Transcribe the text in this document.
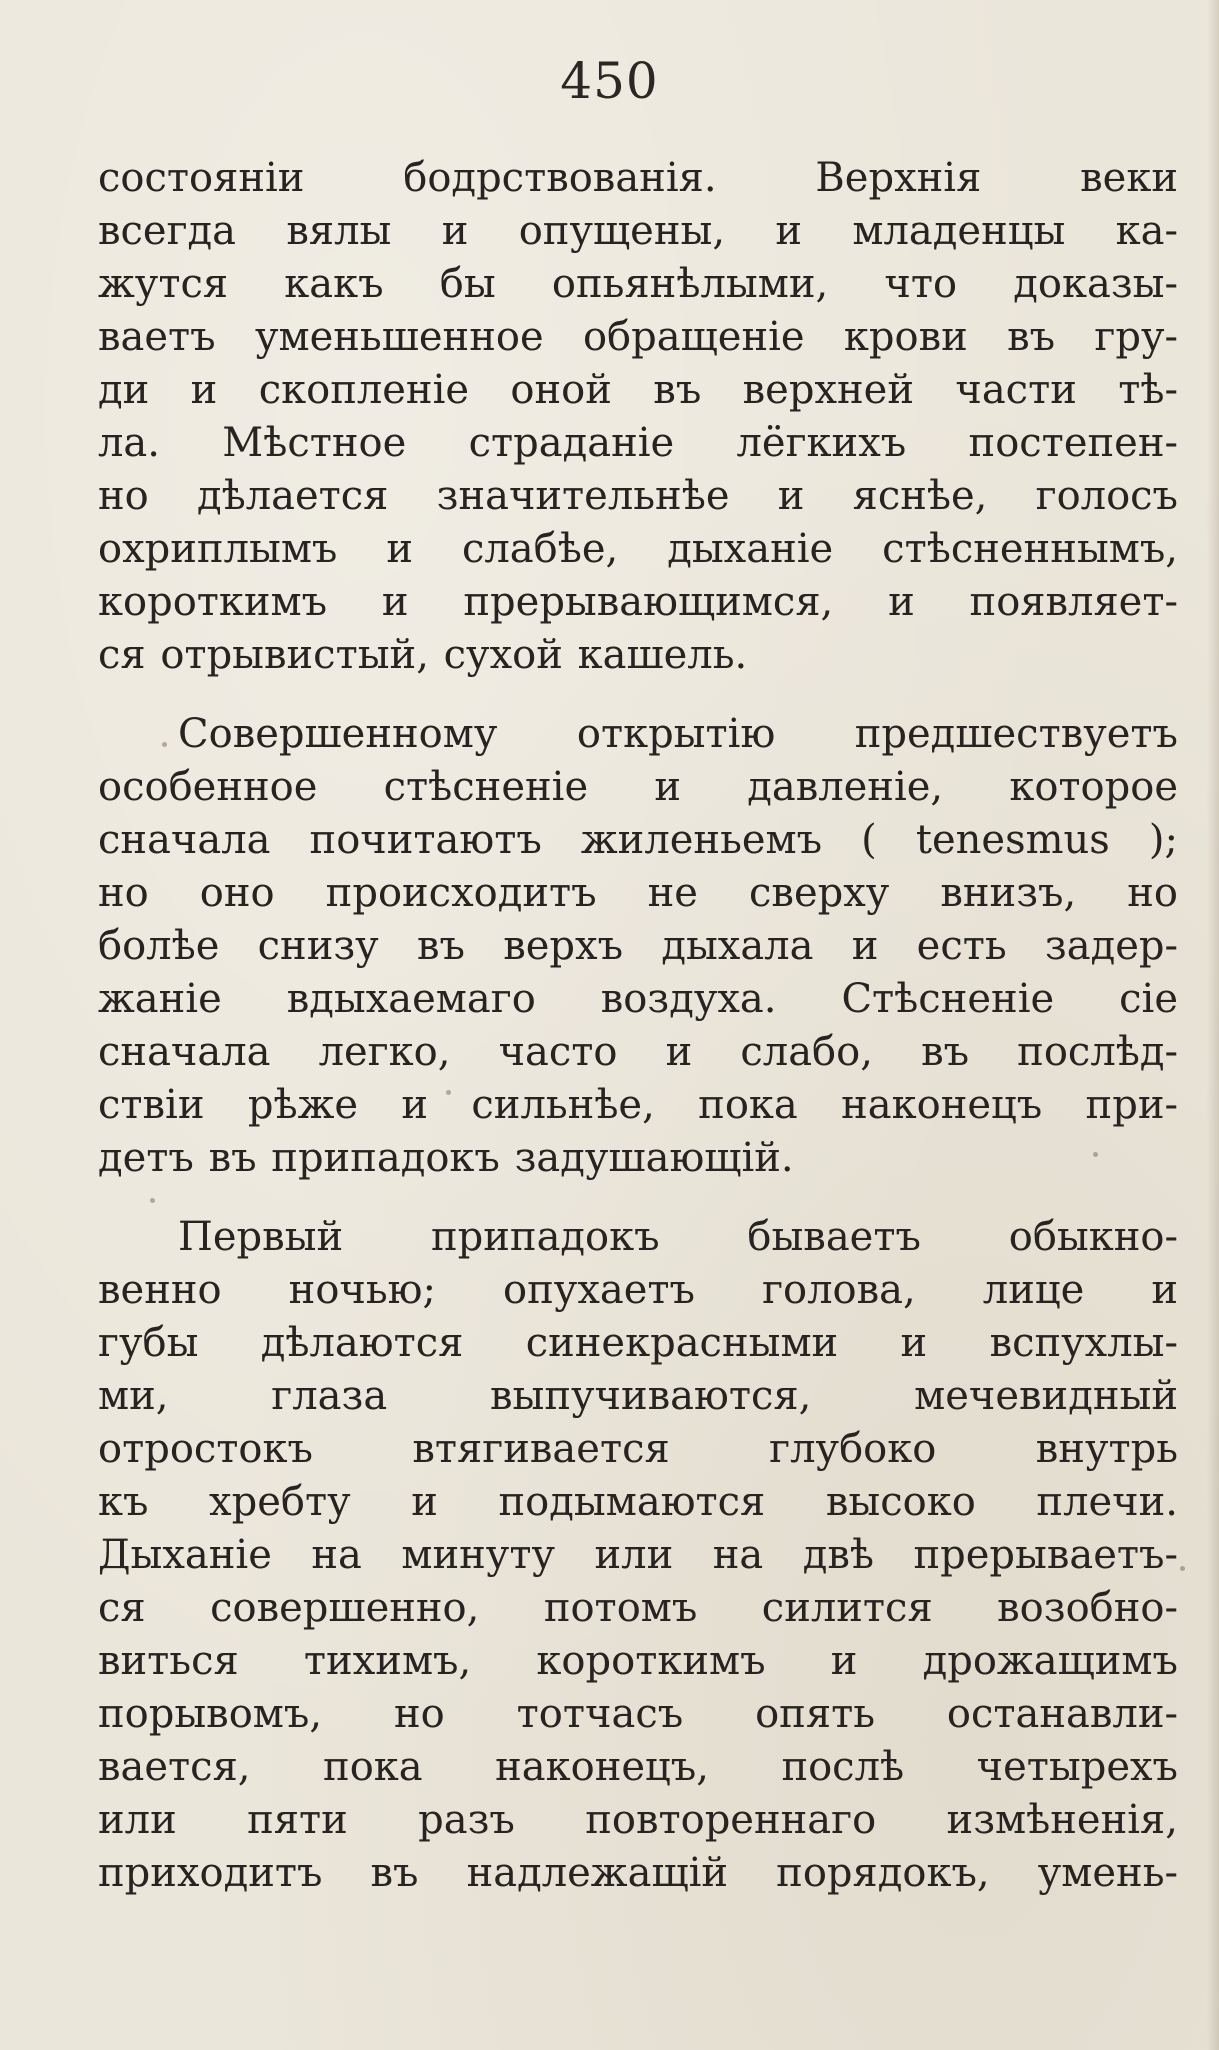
450
состояніи бодрствованія. Верхнія веки
всегда вялы и опущены, и младенцы ка-
жутся какъ бы опьянѣлыми, что доказы-
ваетъ уменьшенное обращеніе крови въ гру-
ди и скопленіе оной въ верхней части тѣ-
ла. Мѣстное страданіе лёгкихъ постепен-
но дѣлается значительнѣе и яснѣе, голосъ
охриплымъ и слабѣе, дыханіе стѣсненнымъ,
короткимъ и прерывающимся, и появляет-
ся отрывистый, сухой кашель.
Совершенному открытію предшествуетъ
особенное стѣсненіе и давленіе, которое
сначала почитаютъ жиленьемъ ( tenesmus );
но оно происходитъ не сверху внизъ, но
болѣе снизу въ верхъ дыхала и есть задер-
жаніе вдыхаемаго воздуха. Стѣсненіе сіе
сначала легко, часто и слабо, въ послѣд-
ствіи рѣже и сильнѣе, пока наконецъ при-
детъ въ припадокъ задушающій.
Первый припадокъ бываетъ обыкно-
венно ночью; опухаетъ голова, лице и
губы дѣлаются синекрасными и вспухлы-
ми, глаза выпучиваются, мечевидный
отростокъ втягивается глубоко внутрь
къ хребту и подымаются высоко плечи.
Дыханіе на минуту или на двѣ прерываетъ-
ся совершенно, потомъ силится возобно-
виться тихимъ, короткимъ и дрожащимъ
порывомъ, но тотчасъ опять останавли-
вается, пока наконецъ, послѣ четырехъ
или пяти разъ повтореннаго измѣненія,
приходитъ въ надлежащій порядокъ, умень-
